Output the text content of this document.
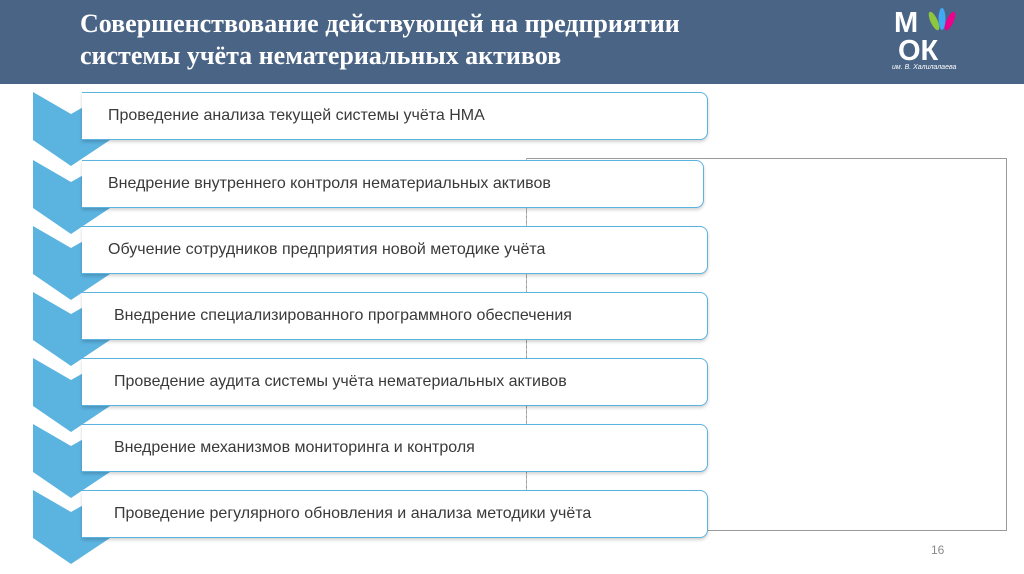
Совершенствование действующей на предприятии
системы учёта нематериальных активов
М
ОК
им. В. Халилалаева
Проведение анализа текущей системы учёта НМА
Внедрение внутреннего контроля нематериальных активов
Обучение сотрудников предприятия новой методике учёта
Внедрение специализированного программного обеспечения
Проведение аудита системы учёта нематериальных активов
Внедрение механизмов мониторинга и контроля
Проведение регулярного обновления и анализа методики учёта
16
